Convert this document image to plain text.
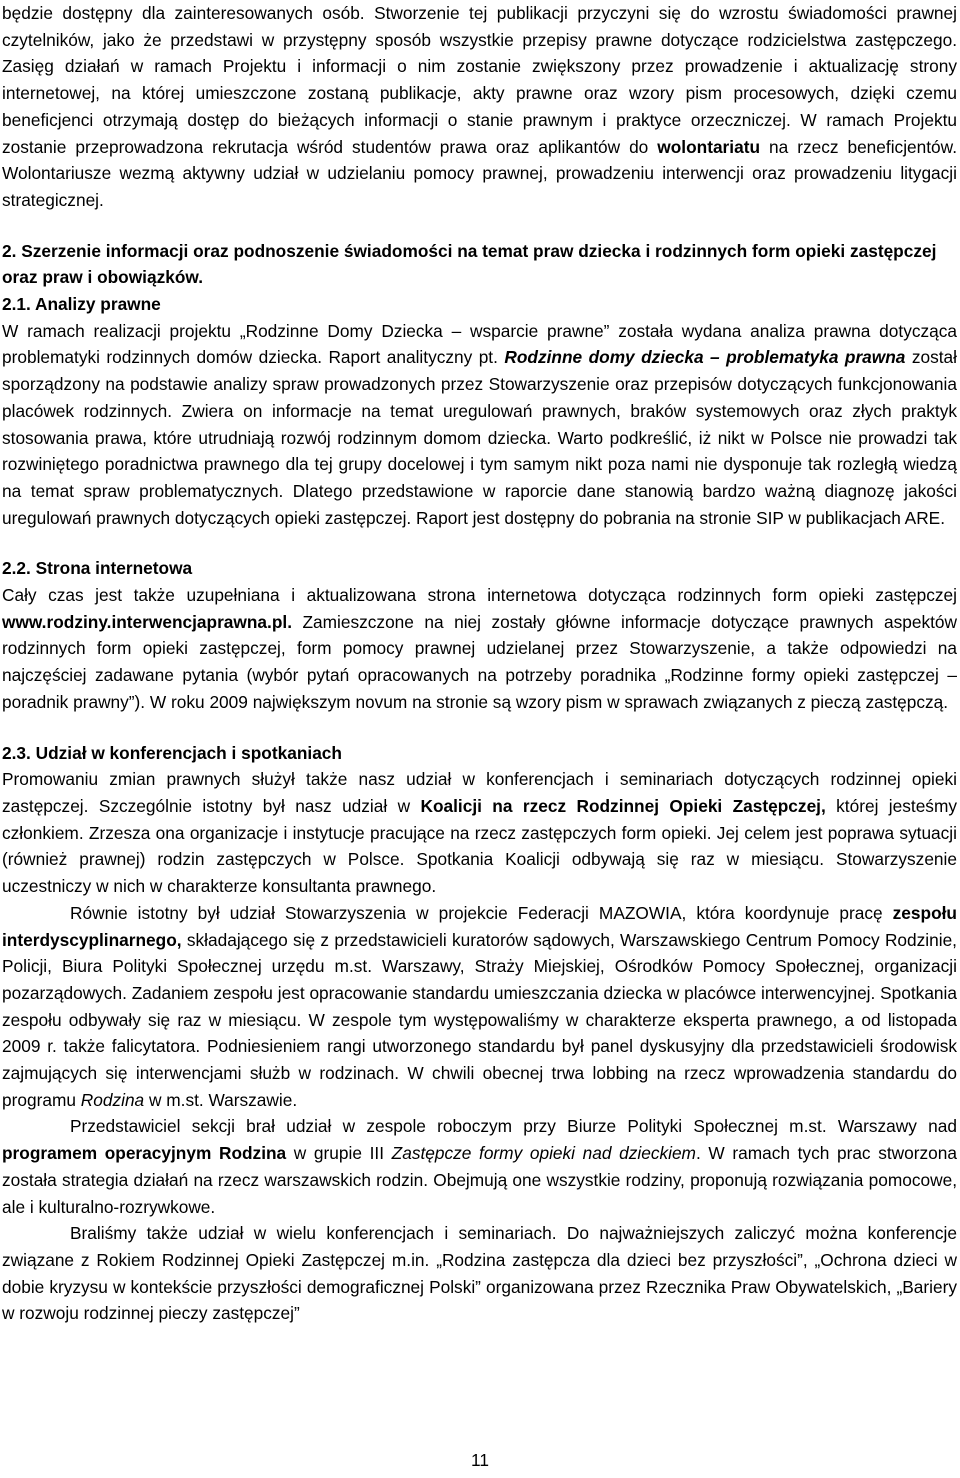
będzie dostępny dla zainteresowanych osób. Stworzenie tej publikacji przyczyni się do wzrostu świadomości prawnej czytelników, jako że przedstawi w przystępny sposób wszystkie przepisy prawne dotyczące rodzicielstwa zastępczego. Zasięg działań w ramach Projektu i informacji o nim zostanie zwiększony przez prowadzenie i aktualizację strony internetowej, na której umieszczone zostaną publikacje, akty prawne oraz wzory pism procesowych, dzięki czemu beneficjenci otrzymają dostęp do bieżących informacji o stanie prawnym i praktyce orzeczniczej. W ramach Projektu zostanie przeprowadzona rekrutacja wśród studentów prawa oraz aplikantów do wolontariatu na rzecz beneficjentów. Wolontariusze wezmą aktywny udział w udzielaniu pomocy prawnej, prowadzeniu interwencji oraz prowadzeniu litygacji strategicznej.

2. Szerzenie informacji oraz podnoszenie świadomości na temat praw dziecka i rodzinnych form opieki zastępczej oraz praw i obowiązków.
2.1. Analizy prawne

W ramach realizacji projektu „Rodzinne Domy Dziecka – wsparcie prawne” została wydana analiza prawna dotycząca problematyki rodzinnych domów dziecka. Raport analityczny pt. Rodzinne domy dziecka – problematyka prawna został sporządzony na podstawie analizy spraw prowadzonych przez Stowarzyszenie oraz przepisów dotyczących funkcjonowania placówek rodzinnych. Zwiera on informacje na temat uregulowań prawnych, braków systemowych oraz złych praktyk stosowania prawa, które utrudniają rozwój rodzinnym domom dziecka. Warto podkreślić, iż nikt w Polsce nie prowadzi tak rozwiniętego poradnictwa prawnego dla tej grupy docelowej i tym samym nikt poza nami nie dysponuje tak rozległą wiedzą na temat spraw problematycznych. Dlatego przedstawione w raporcie dane stanowią bardzo ważną diagnozę jakości uregulowań prawnych dotyczących opieki zastępczej. Raport jest dostępny do pobrania na stronie SIP w publikacjach ARE.

2.2. Strona internetowa

Cały czas jest także uzupełniana i aktualizowana strona internetowa dotycząca rodzinnych form opieki zastępczej www.rodziny.interwencjaprawna.pl. Zamieszczone na niej zostały główne informacje dotyczące prawnych aspektów rodzinnych form opieki zastępczej, form pomocy prawnej udzielanej przez Stowarzyszenie, a także odpowiedzi na najczęściej zadawane pytania (wybór pytań opracowanych na potrzeby poradnika „Rodzinne formy opieki zastępczej – poradnik prawny”). W roku 2009 największym novum na stronie są wzory pism w sprawach związanych z pieczą zastępczą.

2.3. Udział w konferencjach i spotkaniach

Promowaniu zmian prawnych służył także nasz udział w konferencjach i seminariach dotyczących rodzinnej opieki zastępczej. Szczególnie istotny był nasz udział w Koalicji na rzecz Rodzinnej Opieki Zastępczej, której jesteśmy członkiem. Zrzesza ona organizacje i instytucje pracujące na rzecz zastępczych form opieki. Jej celem jest poprawa sytuacji (również prawnej) rodzin zastępczych w Polsce. Spotkania Koalicji odbywają się raz w miesiącu. Stowarzyszenie uczestniczy w nich w charakterze konsultanta prawnego.

Równie istotny był udział Stowarzyszenia w projekcie Federacji MAZOWIA, która koordynuje pracę zespołu interdyscyplinarnego, składającego się z przedstawicieli kuratorów sądowych, Warszawskiego Centrum Pomocy Rodzinie, Policji, Biura Polityki Społecznej urzędu m.st. Warszawy, Straży Miejskiej, Ośrodków Pomocy Społecznej, organizacji pozarządowych. Zadaniem zespołu jest opracowanie standardu umieszczania dziecka w placówce interwencyjnej. Spotkania zespołu odbywały się raz w miesiącu. W zespole tym występowaliśmy w charakterze eksperta prawnego, a od listopada 2009 r. także falicytatora. Podniesieniem rangi utworzonego standardu był panel dyskusyjny dla przedstawicieli środowisk zajmujących się interwencjami służb w rodzinach. W chwili obecnej trwa lobbing na rzecz wprowadzenia standardu do programu Rodzina w m.st. Warszawie.

Przedstawiciel sekcji brał udział w zespole roboczym przy Biurze Polityki Społecznej m.st. Warszawy nad programem operacyjnym Rodzina w grupie III Zastępcze formy opieki nad dzieckiem. W ramach tych prac stworzona została strategia działań na rzecz warszawskich rodzin. Obejmują one wszystkie rodziny, proponują rozwiązania pomocowe, ale i kulturalno-rozrywkowe.

Braliśmy także udział w wielu konferencjach i seminariach. Do najważniejszych zaliczyć można konferencje związane z Rokiem Rodzinnej Opieki Zastępczej m.in. „Rodzina zastępcza dla dzieci bez przyszłości”, „Ochrona dzieci w dobie kryzysu w kontekście przyszłości demograficznej Polski” organizowana przez Rzecznika Praw Obywatelskich, „Bariery w rozwoju rodzinnej pieczy zastępczej”

11
